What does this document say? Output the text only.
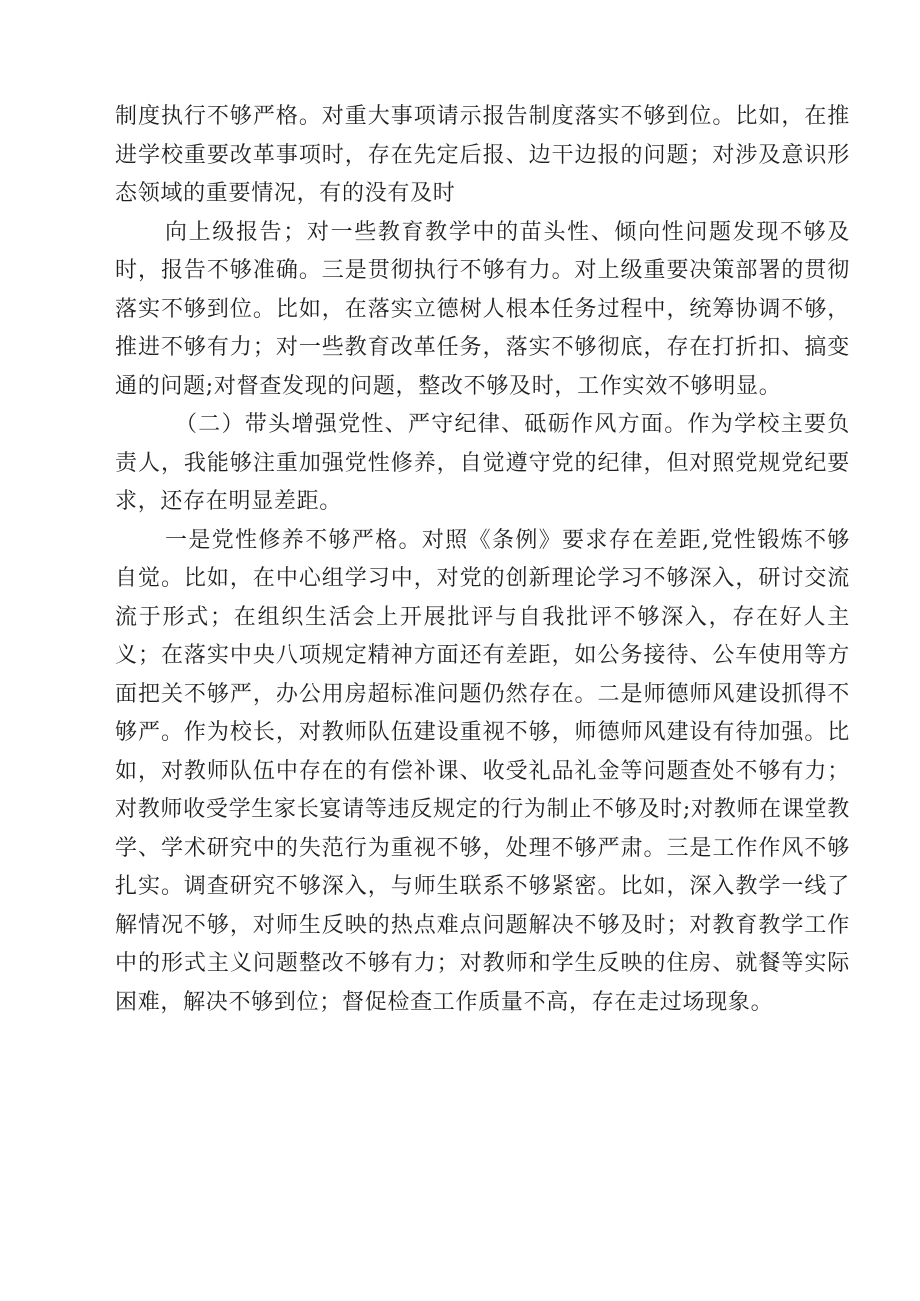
制度执行不够严格。对重大事项请示报告制度落实不够到位。比如，在推进学校重要改革事项时，存在先定后报、边干边报的问题；对涉及意识形态领域的重要情况，有的没有及时

向上级报告；对一些教育教学中的苗头性、倾向性问题发现不够及时，报告不够准确。三是贯彻执行不够有力。对上级重要决策部署的贯彻落实不够到位。比如，在落实立德树人根本任务过程中，统筹协调不够，推进不够有力；对一些教育改革任务，落实不够彻底，存在打折扣、搞变通的问题;对督查发现的问题，整改不够及时，工作实效不够明显。

（二）带头增强党性、严守纪律、砥砺作风方面。作为学校主要负责人，我能够注重加强党性修养，自觉遵守党的纪律，但对照党规党纪要求，还存在明显差距。

一是党性修养不够严格。对照《条例》要求存在差距,党性锻炼不够自觉。比如，在中心组学习中，对党的创新理论学习不够深入，研讨交流流于形式；在组织生活会上开展批评与自我批评不够深入，存在好人主义；在落实中央八项规定精神方面还有差距，如公务接待、公车使用等方面把关不够严，办公用房超标准问题仍然存在。二是师德师风建设抓得不够严。作为校长，对教师队伍建设重视不够，师德师风建设有待加强。比如，对教师队伍中存在的有偿补课、收受礼品礼金等问题查处不够有力；对教师收受学生家长宴请等违反规定的行为制止不够及时;对教师在课堂教学、学术研究中的失范行为重视不够，处理不够严肃。三是工作作风不够扎实。调查研究不够深入，与师生联系不够紧密。比如，深入教学一线了解情况不够，对师生反映的热点难点问题解决不够及时；对教育教学工作中的形式主义问题整改不够有力；对教师和学生反映的住房、就餐等实际困难，解决不够到位；督促检查工作质量不高，存在走过场现象。
